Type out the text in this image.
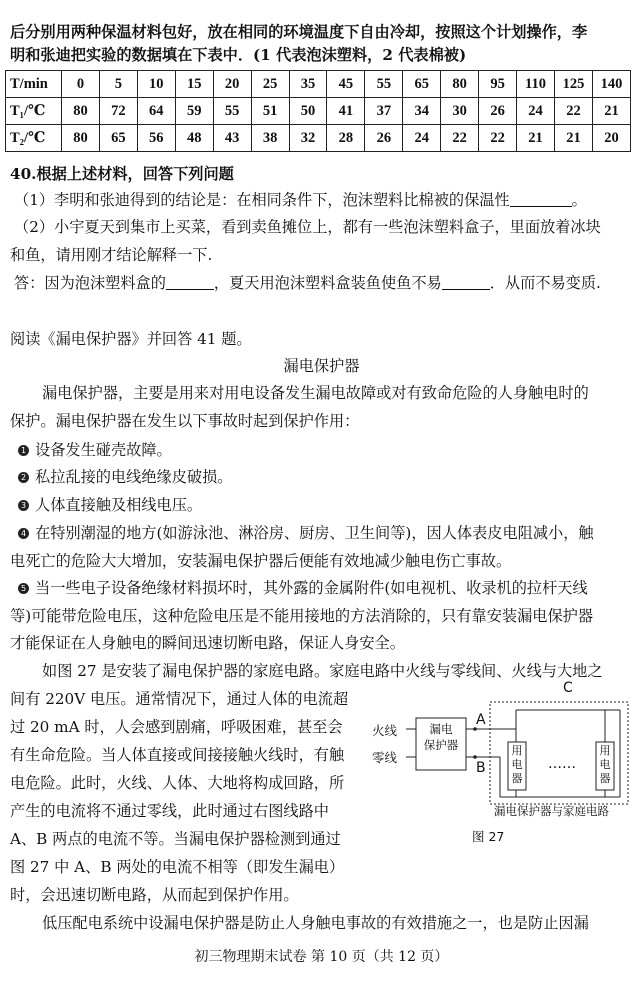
后分别用两种保温材料包好，放在相同的环境温度下自由冷却，按照这个计划操作，李
明和张迪把实验的数据填在下表中．(1 代表泡沫塑料，2 代表棉被)
T/min	0	5	10	15	20	25	35	45	55	65	80	95	110	125	140
T₁/℃	80	72	64	59	55	51	50	41	37	34	30	26	24	22	21
T₂/℃	80	65	56	48	43	38	32	28	26	24	22	22	21	21	20
40.根据上述材料，回答下列问题
（1）李明和张迪得到的结论是：在相同条件下，泡沫塑料比棉被的保温性	。
（2）小宇夏天到集市上买菜，看到卖鱼摊位上，都有一些泡沫塑料盒子，里面放着冰块
和鱼，请用刚才结论解释一下.
答：因为泡沫塑料盒的	，夏天用泡沫塑料盒装鱼使鱼不易	．从而不易变质.
阅读《漏电保护器》并回答 41 题。
漏电保护器
漏电保护器，主要是用来对用电设备发生漏电故障或对有致命危险的人身触电时的
保护。漏电保护器在发生以下事故时起到保护作用：
1 设备发生碰壳故障。
2 私拉乱接的电线绝缘皮破损。
3 人体直接触及相线电压。
4 在特别潮湿的地方(如游泳池、淋浴房、厨房、卫生间等)，因人体表皮电阻减小，触
电死亡的危险大大增加，安装漏电保护器后便能有效地减少触电伤亡事故。
5 当一些电子设备绝缘材料损坏时，其外露的金属附件(如电视机、收录机的拉杆天线
等)可能带危险电压，这种危险电压是不能用接地的方法消除的，只有靠安装漏电保护器
才能保证在人身触电的瞬间迅速切断电路，保证人身安全。
如图 27 是安装了漏电保护器的家庭电路。家庭电路中火线与零线间、火线与大地之
间有 220V 电压。通常情况下，通过人体的电流超
过 20 mA 时，人会感到剧痛，呼吸困难，甚至会
有生命危险。当人体直接或间接接触火线时，有触
电危险。此时，火线、人体、大地将构成回路，所
产生的电流将不通过零线，此时通过右图线路中
A、B 两点的电流不等。当漏电保护器检测到通过
图 27 中 A、B 两处的电流不相等（即发生漏电）
时，会迅速切断电路，从而起到保护作用。
低压配电系统中设漏电保护器是防止人身触电事故的有效措施之一，也是防止因漏
火线
零线
漏电
保护器
A
B
C
用
电
器
用
电
器
……
漏电保护器与家庭电路
图 27
初三物理期末试卷 第 10 页（共 12 页）
